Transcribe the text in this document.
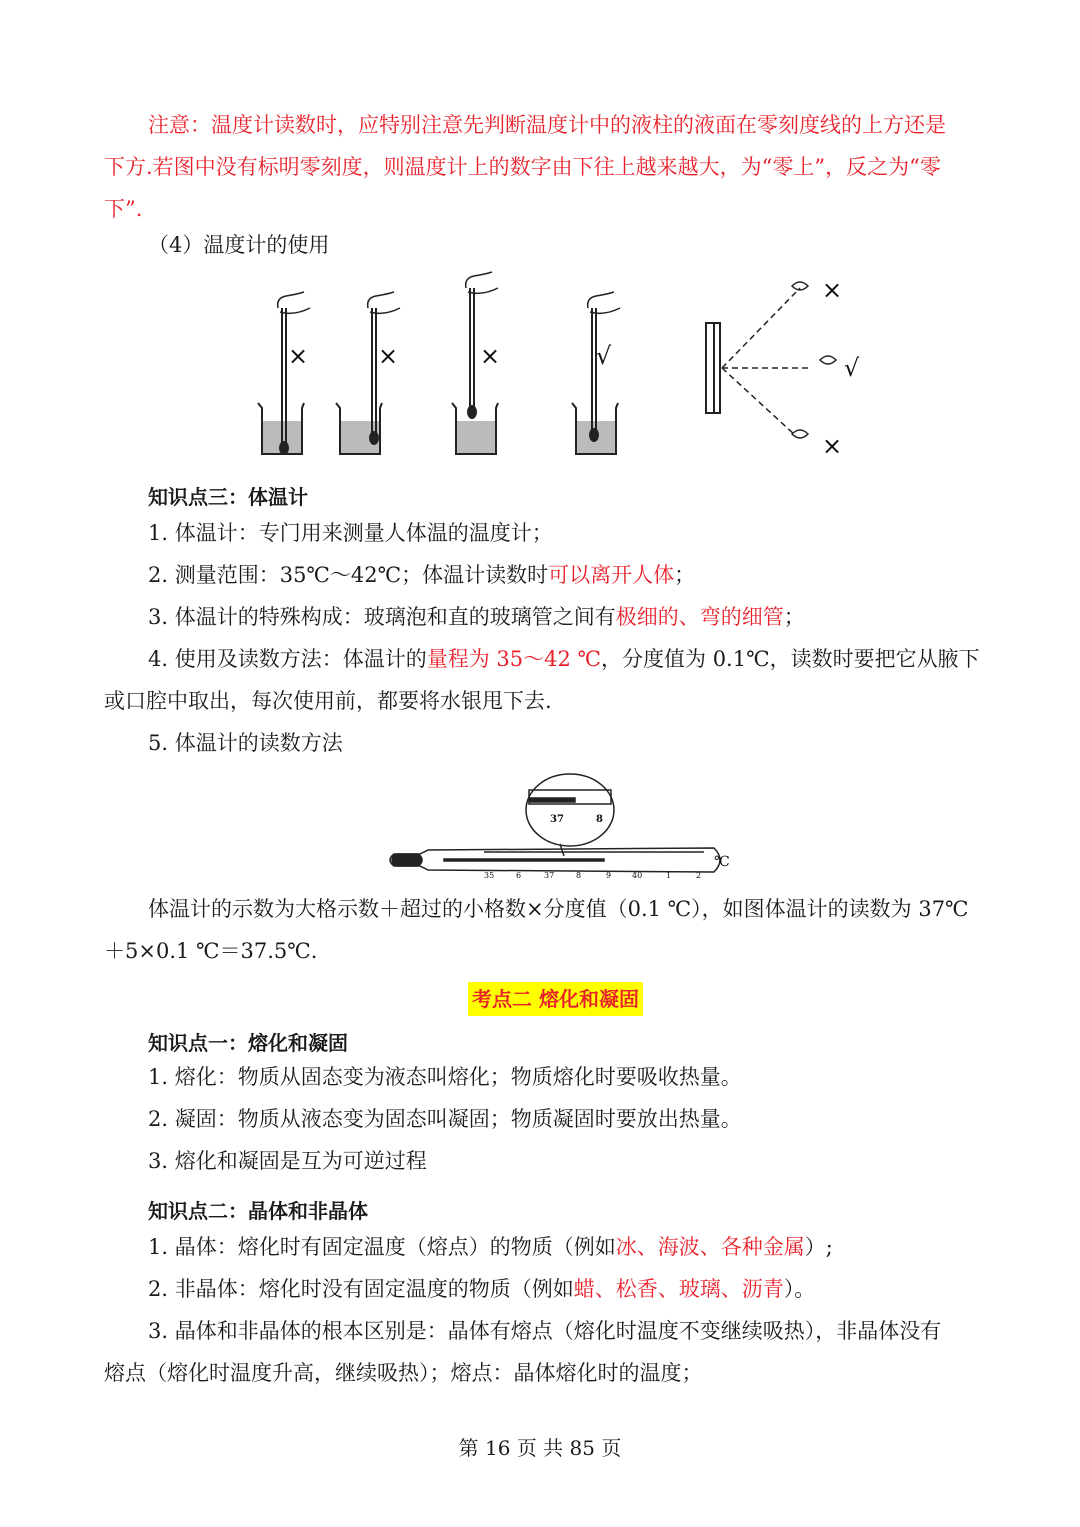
注意：温度计读数时，应特别注意先判断温度计中的液柱的液面在零刻度线的上方还是
下方.若图中没有标明零刻度，则温度计上的数字由下往上越来越大，为“零上”，反之为“零
下”.
（4）温度计的使用
×	×	×	√
×
√
×
知识点三：体温计
1. 体温计：专门用来测量人体温的温度计；
2. 测量范围：35℃～42℃；体温计读数时可以离开人体；
3. 体温计的特殊构成：玻璃泡和直的玻璃管之间有极细的、弯的细管；
4. 使用及读数方法：体温计的量程为 35～42 ℃，分度值为 0.1℃，读数时要把它从腋下
或口腔中取出，每次使用前，都要将水银甩下去.
5. 体温计的读数方法
37	8
35	6	37	8	9	40	1	2
℃
体温计的示数为大格示数＋超过的小格数×分度值（0.1 ℃），如图体温计的读数为 37℃
＋5×0.1 ℃＝37.5℃.
考点二 熔化和凝固
知识点一：熔化和凝固
1. 熔化：物质从固态变为液态叫熔化；物质熔化时要吸收热量。
2. 凝固：物质从液态变为固态叫凝固；物质凝固时要放出热量。
3. 熔化和凝固是互为可逆过程
知识点二：晶体和非晶体
1. 晶体：熔化时有固定温度（熔点）的物质（例如冰、海波、各种金属）;
2. 非晶体：熔化时没有固定温度的物质（例如蜡、松香、玻璃、沥青）。
3. 晶体和非晶体的根本区别是：晶体有熔点（熔化时温度不变继续吸热），非晶体没有
熔点（熔化时温度升高，继续吸热）；熔点：晶体熔化时的温度；
第 16 页 共 85 页
